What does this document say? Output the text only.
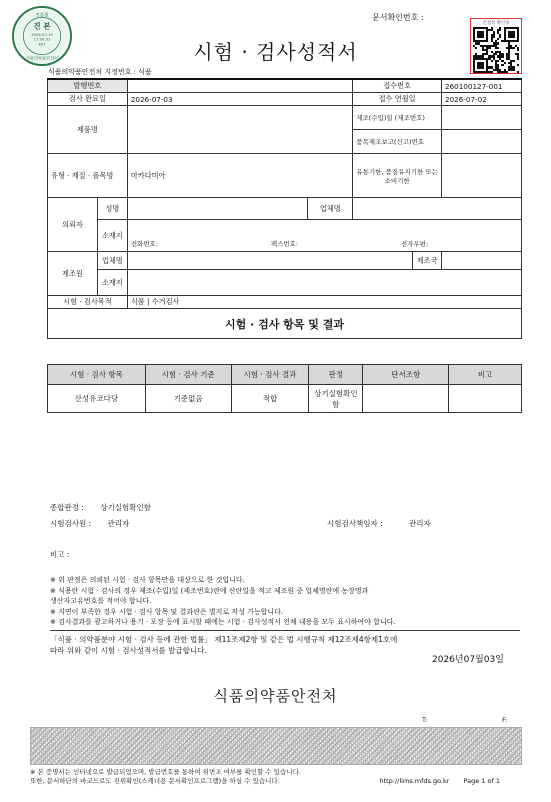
진흥원
진 본
2026-07-15
17:00:31
KST
식품의약품안전처
문서확인번호 :
진정성 확인용
시험 · 검사성적서
식품의약품안전처 지정번호 : 식품
발행번호				접수번호		260100127-001
검사 완료일		2026-07-03		접수 연월일		2026-07-02
제품명				제조(수입)일 (제조번호)		
				품목제조보고(신고)번호		
유형 · 재질 · 품목명		마카다미아		유통기한, 품질유지기한 또는 소비기한		
의뢰자	성명		업체명			
	소재지	전화번호: 팩스번호: 전자우편:				
제조원	업체명				제조국	
	소재지					
시험 · 검사목적		식품 | 수거검사				
시험 · 검사 항목 및 결과						
시험 · 검사 항목	시험 · 검사 기준	시험 · 검사 결과	판정	단서조항	비고
산성유코다당	기준없음	적합	상기실험확인함		
종합판정 : 상기실험확인함
시험검사원 : 관리자	시험검사책임자 :	관리자
비고 :
※ 위 판정은 의뢰된 시험 · 검사 항목만을 대상으로 한 것입니다.
※ 식용란 시험 · 검사의 경우 제조(수입)일 (제조번호)란에 산란일을 적고 제조원 중 업체명란에 농장명과
생산자고유번호를 적어야 합니다.
※ 지면이 부족한 경우 시험 · 검사 항목 및 결과란은 별지로 작성 가능합니다.
※ 검사결과를 광고하거나 용기 · 포장 등에 표시할 때에는 시험 · 검사성적서 전체 내용을 모두 표시하여야 합니다.
「식품 · 의약품분야 시험 · 검사 등에 관한 법률」 제11조제2항 및 같은 법 시행규칙 제12조제4항제1호에
따라 위와 같이 시험 · 검사성적서를 발급합니다.
2026년07월03일
식품의약품안전처
T:	F:
※ 본 증명서는 인터넷으로 발급되었으며, 발급번호를 통하여 위변조 여부를 확인할 수 있습니다.
또한, 문서하단의 바코드로도 진위확인(스캐너용 문서확인프로그램)을 하실 수 있습니다.	http://lims.mfds.go.kr Page 1 of 1
